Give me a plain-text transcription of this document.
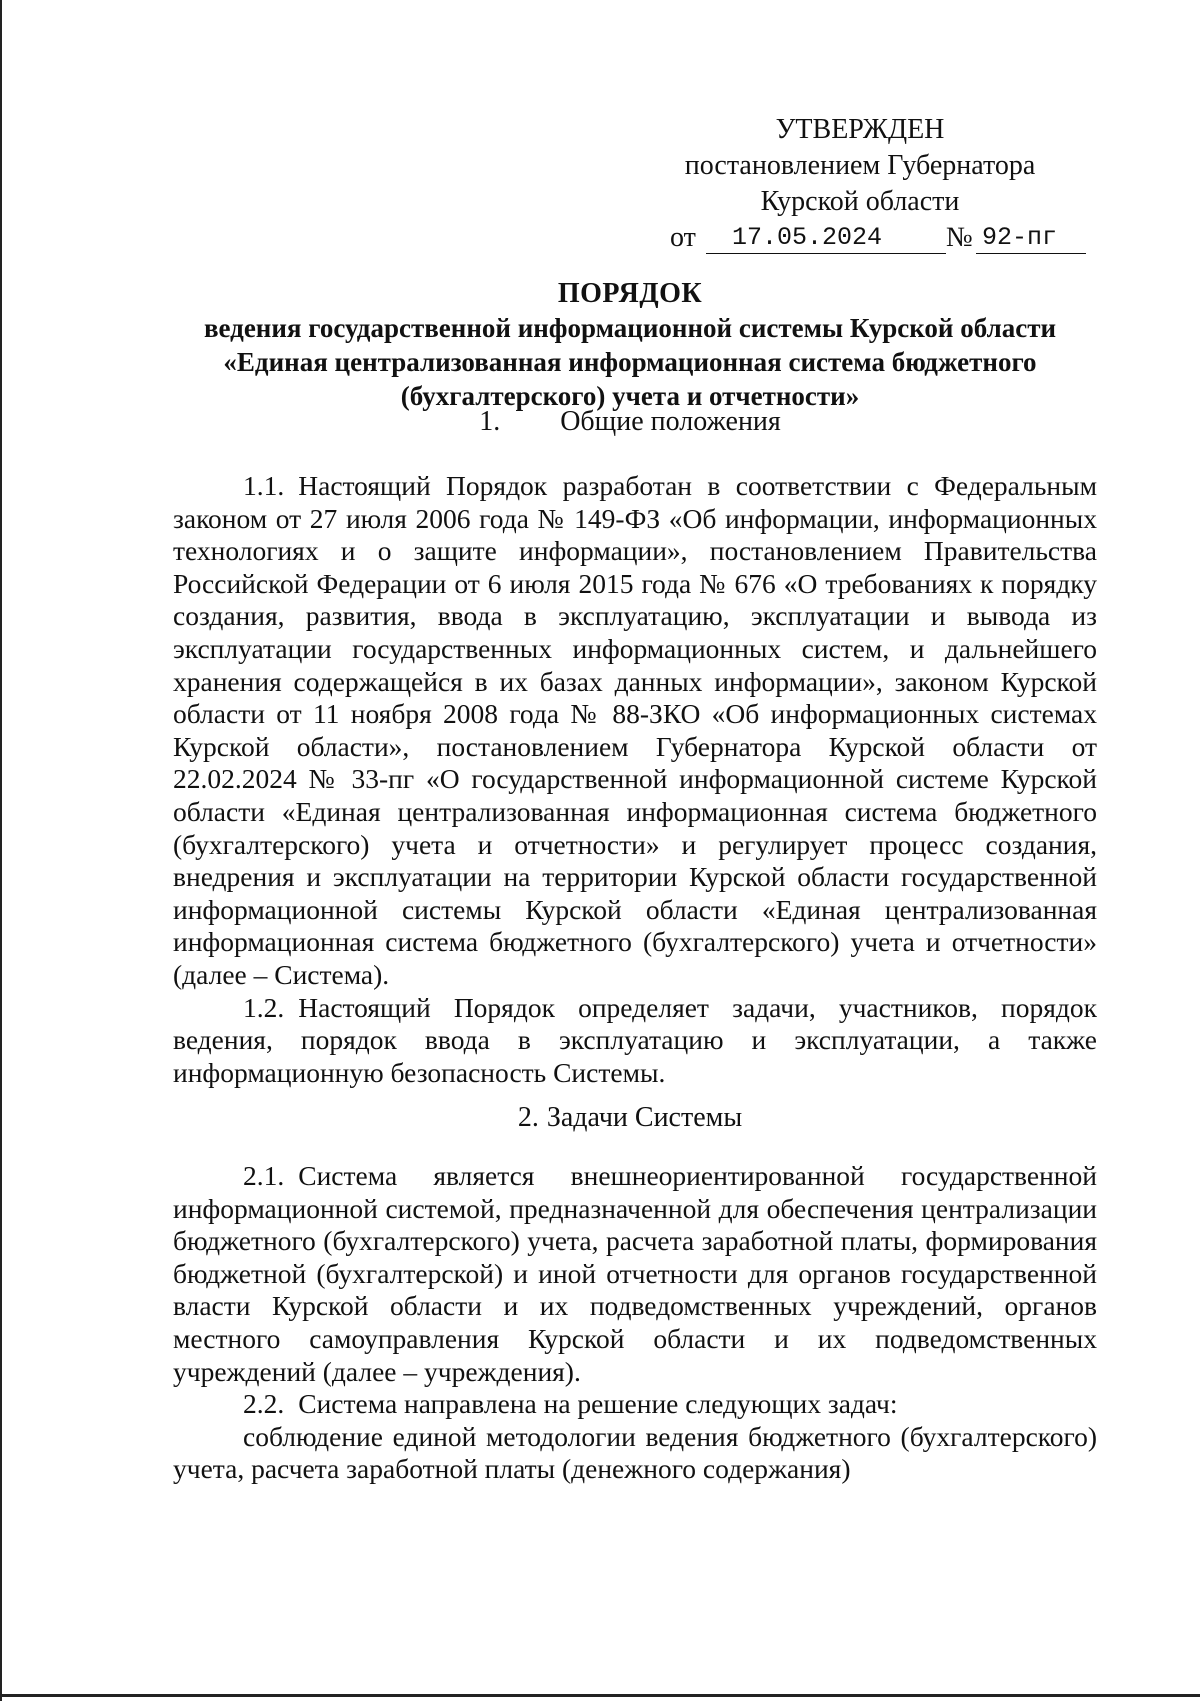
УТВЕРЖДЕН
постановлением Губернатора
Курской области
от	17.05.2024	№ 92-пг
ПОРЯДОК
ведения государственной информационной системы Курской области
«Единая централизованная информационная система бюджетного
(бухгалтерского) учета и отчетности»
1. Общие положения

1.1. Настоящий Порядок разработан в соответствии с Федеральным законом от 27 июля 2006 года № 149-ФЗ «Об информации, информационных технологиях и о защите информации», постановлением Правительства Российской Федерации от 6 июля 2015 года № 676 «О требованиях к порядку создания, развития, ввода в эксплуатацию, эксплуатации и вывода из эксплуатации государственных информационных систем, и дальнейшего хранения содержащейся в их базах данных информации», законом Курской области от 11 ноября 2008 года № 88-ЗКО «Об информационных системах Курской области», постановлением Губернатора Курской области от 22.02.2024 № 33-пг «О государственной информационной системе Курской области «Единая централизованная информационная система бюджетного (бухгалтерского) учета и отчетности» и регулирует процесс создания, внедрения и эксплуатации на территории Курской области государственной информационной системы Курской области «Единая централизованная информационная система бюджетного (бухгалтерского) учета и отчетности» (далее – Система).

1.2. Настоящий Порядок определяет задачи, участников, порядок ведения, порядок ввода в эксплуатацию и эксплуатации, а также информационную безопасность Системы.

2. Задачи Системы

2.1. Система является внешнеориентированной государственной информационной системой, предназначенной для обеспечения централизации бюджетного (бухгалтерского) учета, расчета заработной платы, формирования бюджетной (бухгалтерской) и иной отчетности для органов государственной власти Курской области и их подведомственных учреждений, органов местного самоуправления Курской области и их подведомственных учреждений (далее – учреждения).

2.2. Система направлена на решение следующих задач:

соблюдение единой методологии ведения бюджетного (бухгалтерского) учета, расчета заработной платы (денежного содержания)
